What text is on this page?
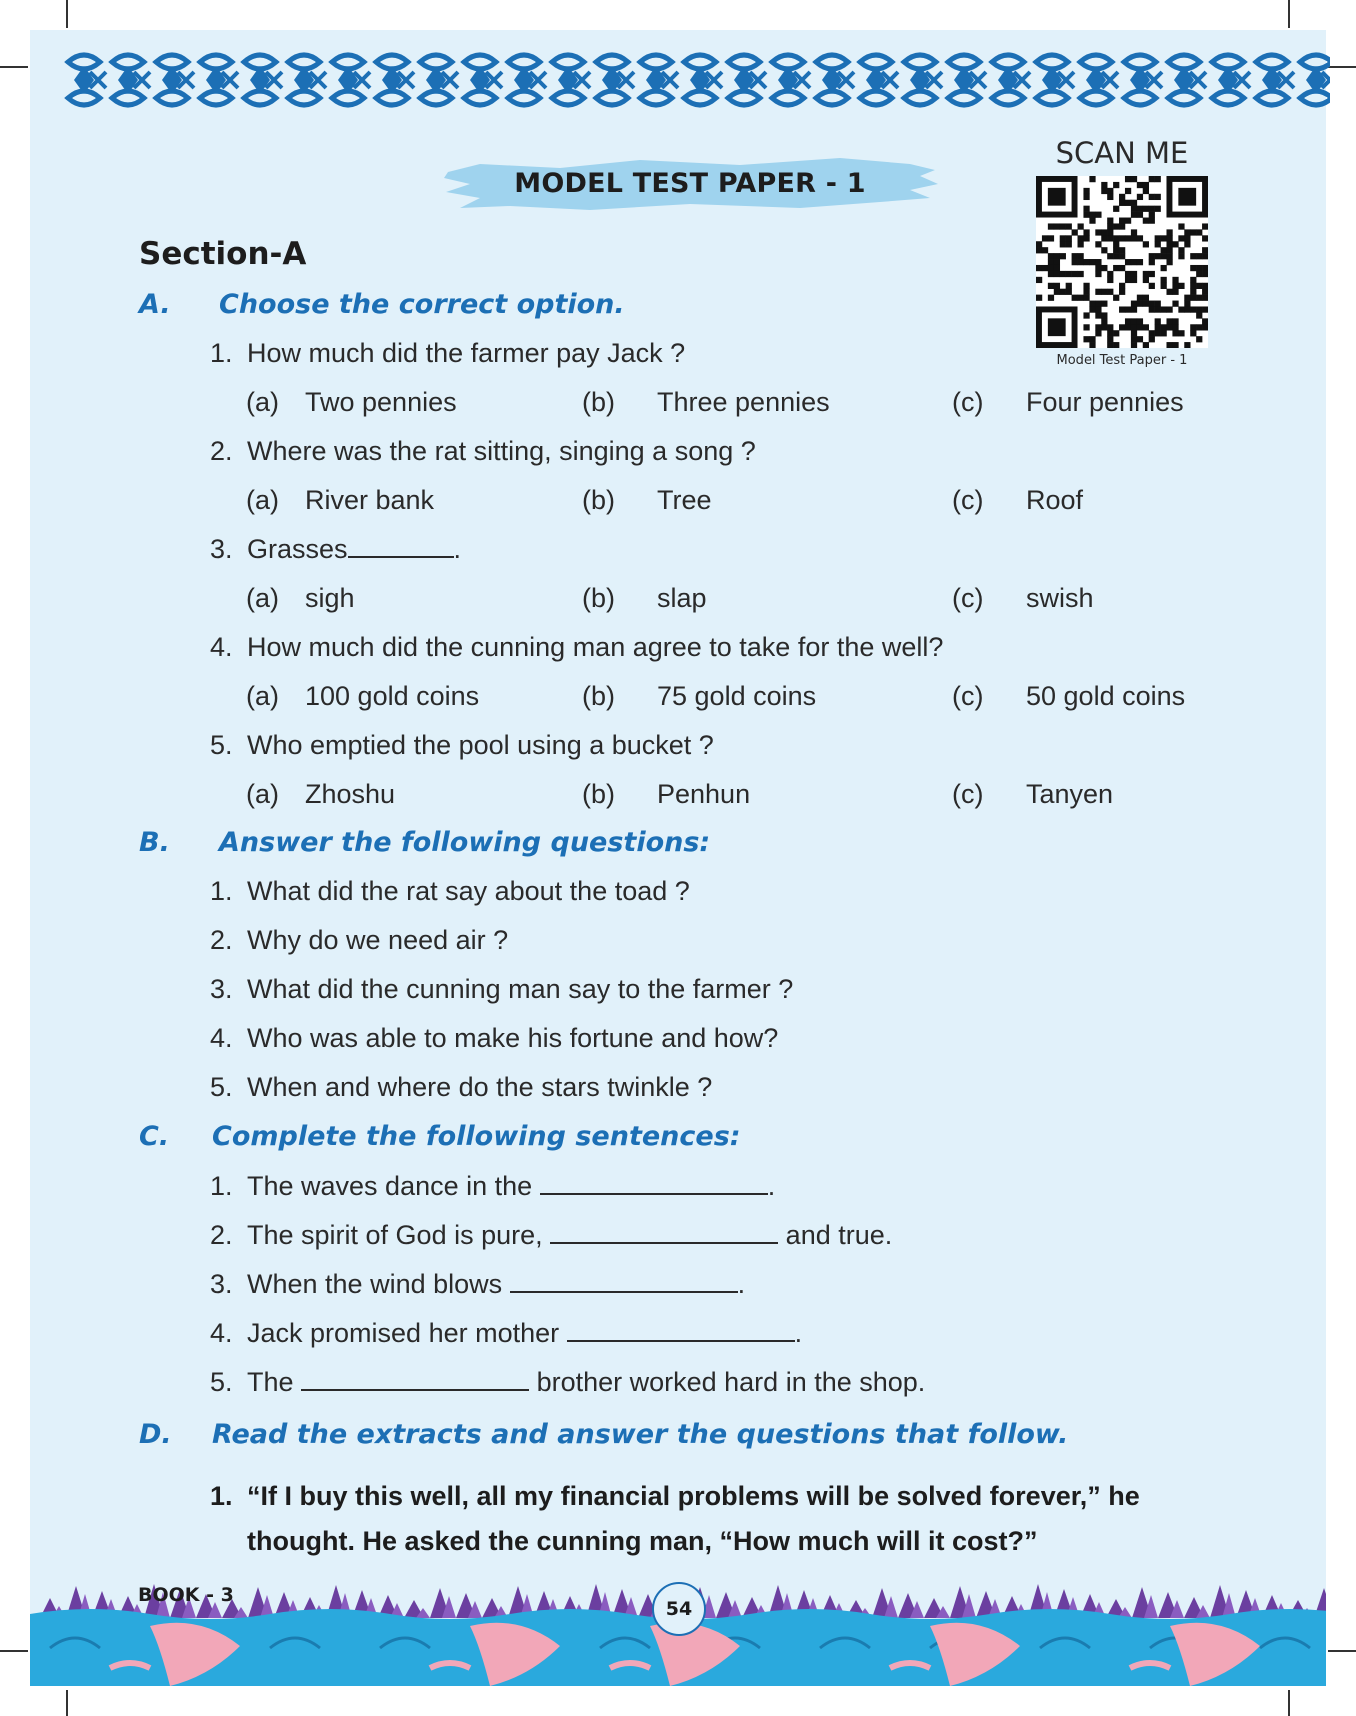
MODEL TEST PAPER - 1
SCAN ME
Model Test Paper - 1
Section-A
A. Choose the correct option.
1. How much did the farmer pay Jack ?
(a) Two pennies	(b) Three pennies	(c) Four pennies
2. Where was the rat sitting, singing a song ?
(a) River bank	(b) Tree	(c) Roof
3. Grasses	.
(a) sigh	(b) slap	(c) swish
4. How much did the cunning man agree to take for the well?
(a) 100 gold coins	(b) 75 gold coins	(c) 50 gold coins
5. Who emptied the pool using a bucket ?
(a) Zhoshu	(b) Penhun	(c) Tanyen
B. Answer the following questions:
1. What did the rat say about the toad ?
2. Why do we need air ?
3. What did the cunning man say to the farmer ?
4. Who was able to make his fortune and how?
5. When and where do the stars twinkle ?
C. Complete the following sentences:
1. The waves dance in the	.
2. The spirit of God is pure,	and true.
3. When the wind blows	.
4. Jack promised her mother	.
5. The	brother worked hard in the shop.
D. Read the extracts and answer the questions that follow.
1. “If I buy this well, all my financial problems will be solved forever,” he thought. He asked the cunning man, “How much will it cost?”
BOOK - 3
54
